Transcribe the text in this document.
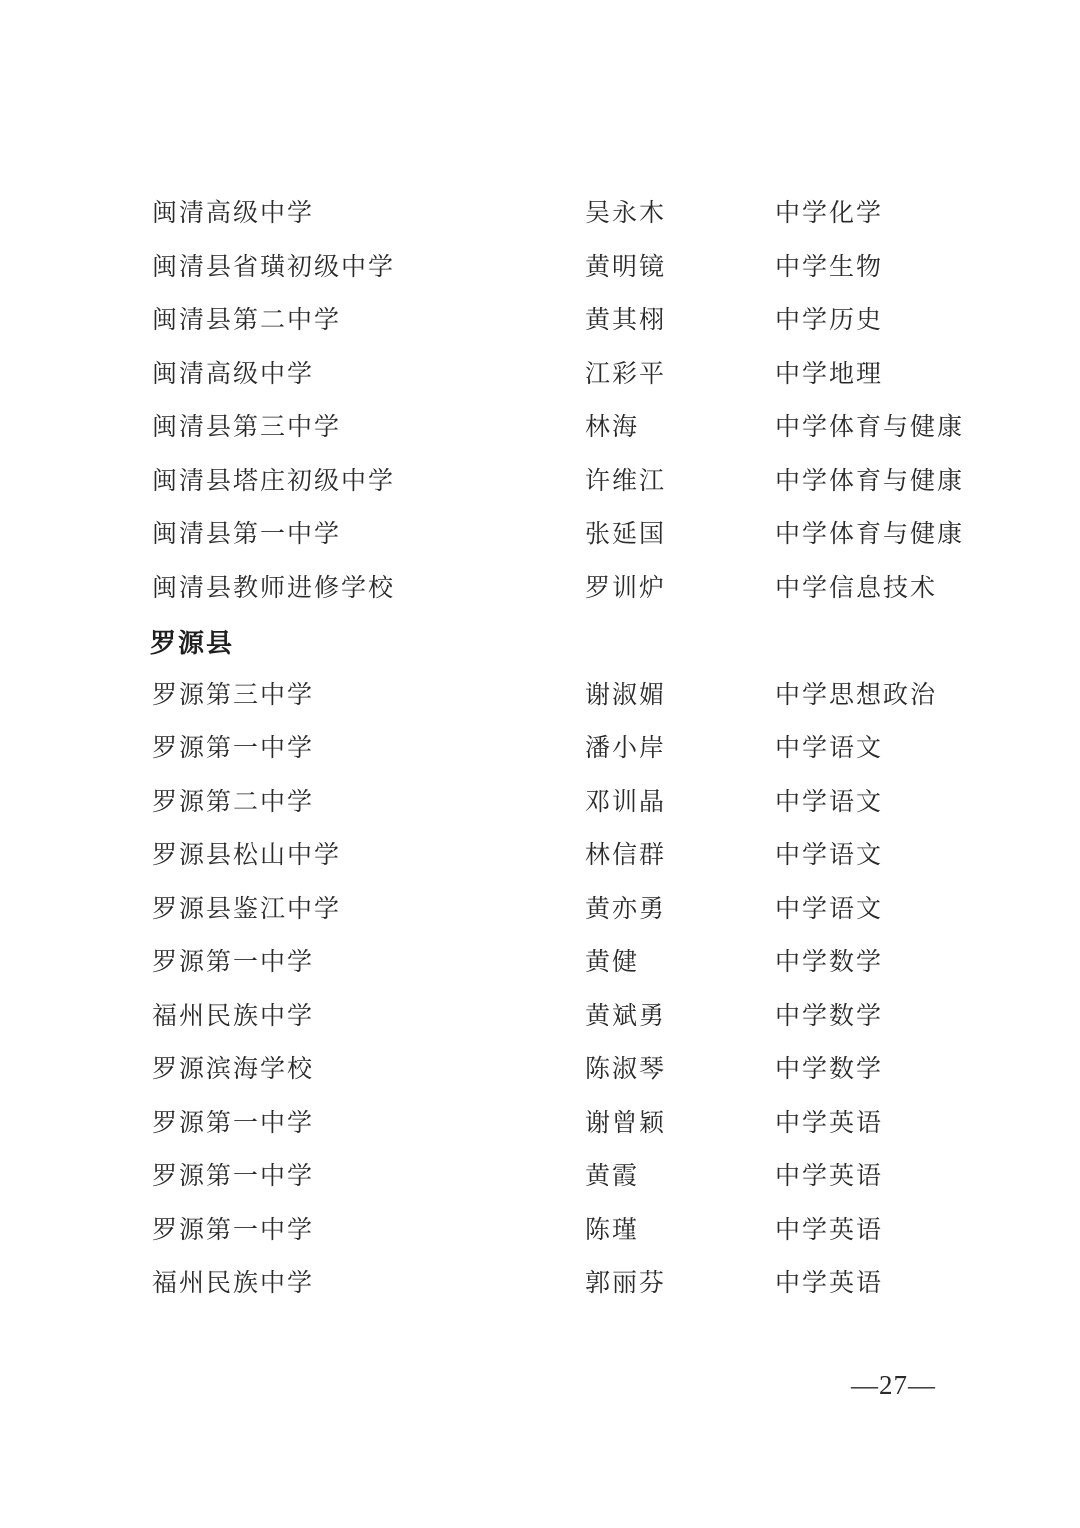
闽清高级中学	吴永木	中学化学
闽清县省璜初级中学	黄明镜	中学生物
闽清县第二中学	黄其栩	中学历史
闽清高级中学	江彩平	中学地理
闽清县第三中学	林海	中学体育与健康
闽清县塔庄初级中学	许维江	中学体育与健康
闽清县第一中学	张延国	中学体育与健康
闽清县教师进修学校	罗训炉	中学信息技术
罗源县
罗源第三中学	谢淑媚	中学思想政治
罗源第一中学	潘小岸	中学语文
罗源第二中学	邓训晶	中学语文
罗源县松山中学	林信群	中学语文
罗源县鉴江中学	黄亦勇	中学语文
罗源第一中学	黄健	中学数学
福州民族中学	黄斌勇	中学数学
罗源滨海学校	陈淑琴	中学数学
罗源第一中学	谢曾颖	中学英语
罗源第一中学	黄霞	中学英语
罗源第一中学	陈瑾	中学英语
福州民族中学	郭丽芬	中学英语
—27—
